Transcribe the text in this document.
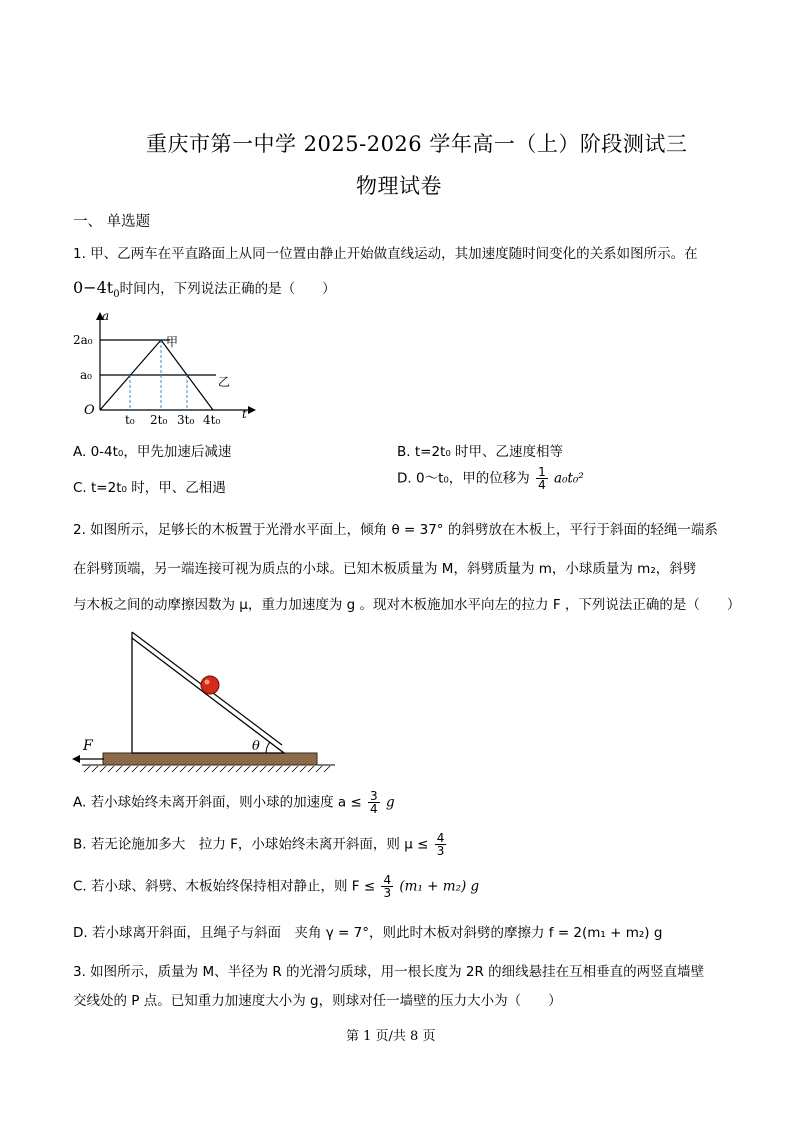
重庆市第一中学 2025-2026 学年高一（上）阶段测试三
物理试卷
一、 单选题
1. 甲、乙两车在平直路面上从同一位置由静止开始做直线运动，其加速度随时间变化的关系如图所示。在
$0-4t_0$时间内，下列说法正确的是（　　）
a
t
O
2a₀
a₀
t₀ 2t₀ 3t₀ 4t₀
甲
乙
A. 0-4t₀，甲先加速后减速	B. t=2t₀ 时甲、乙速度相等
C. t=2t₀ 时，甲、乙相遇
D. 0～t₀，甲的位移为 $\frac{1}{4} a_0t_0^2$
2. 如图所示，足够长的木板置于光滑水平面上，倾角 θ = 37° 的斜劈放在木板上，平行于斜面的轻绳一端系
在斜劈顶端，另一端连接可视为质点的小球。已知木板质量为 M，斜劈质量为 m，小球质量为 m₂，斜劈
与木板之间的动摩擦因数为 μ，重力加速度为 g 。现对木板施加水平向左的拉力 F ，下列说法正确的是（　　）
θ
F
A. 若小球始终未离开斜面，则小球的加速度 $a \le \frac{3}{4}$ g
B. 若无论施加多大　拉力 F，小球始终未离开斜面，则 $\mu \le \frac{4}{3}$
C. 若小球、斜劈、木板始终保持相对静止，则 $F \le \frac{4}{3} (m_1 + m_2)$ g
D. 若小球离开斜面，且绳子与斜面　夹角 γ = 7°，则此时木板对斜劈的摩擦力 f = 2(m₁ + m₂) g
3. 如图所示，质量为 M、半径为 R 的光滑匀质球，用一根长度为 2R 的细线悬挂在互相垂直的两竖直墙壁
交线处的 P 点。已知重力加速度大小为 g，则球对任一墙壁的压力大小为（　　）
第 1 页/共 8 页
